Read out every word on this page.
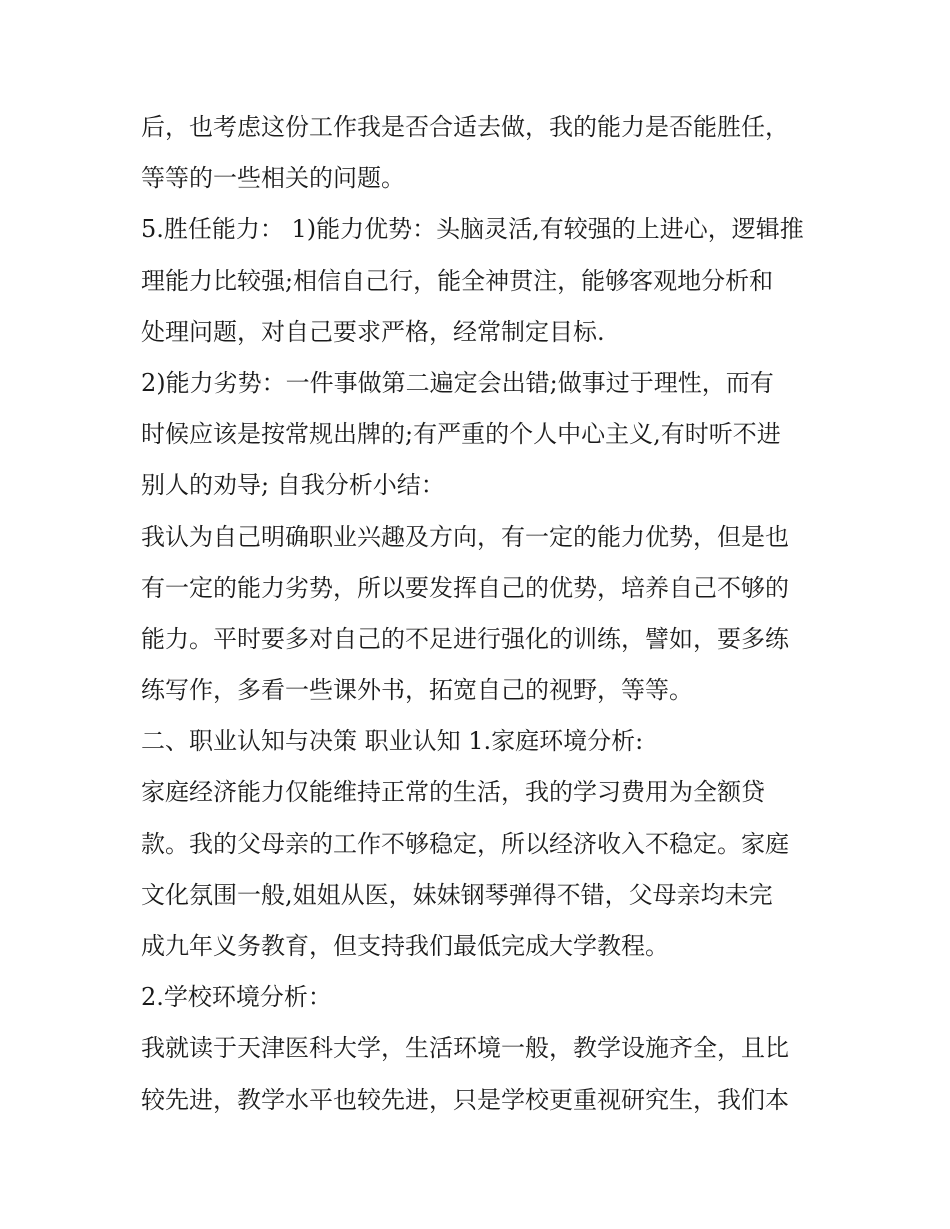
后，也考虑这份工作我是否合适去做，我的能力是否能胜任，
等等的一些相关的问题。
5.胜任能力： 1)能力优势：头脑灵活,有较强的上进心，逻辑推
理能力比较强;相信自己行，能全神贯注，能够客观地分析和
处理问题，对自己要求严格，经常制定目标.
2)能力劣势：一件事做第二遍定会出错;做事过于理性，而有
时候应该是按常规出牌的;有严重的个人中心主义,有时听不进
别人的劝导; 自我分析小结：
我认为自己明确职业兴趣及方向，有一定的能力优势，但是也
有一定的能力劣势，所以要发挥自己的优势，培养自己不够的
能力。平时要多对自己的不足进行强化的训练，譬如，要多练
练写作，多看一些课外书，拓宽自己的视野，等等。
二、职业认知与决策 职业认知 1.家庭环境分析:
家庭经济能力仅能维持正常的生活，我的学习费用为全额贷
款。我的父母亲的工作不够稳定，所以经济收入不稳定。家庭
文化氛围一般,姐姐从医，妹妹钢琴弹得不错，父母亲均未完
成九年义务教育，但支持我们最低完成大学教程。
2.学校环境分析：
我就读于天津医科大学，生活环境一般，教学设施齐全，且比
较先进，教学水平也较先进，只是学校更重视研究生，我们本
